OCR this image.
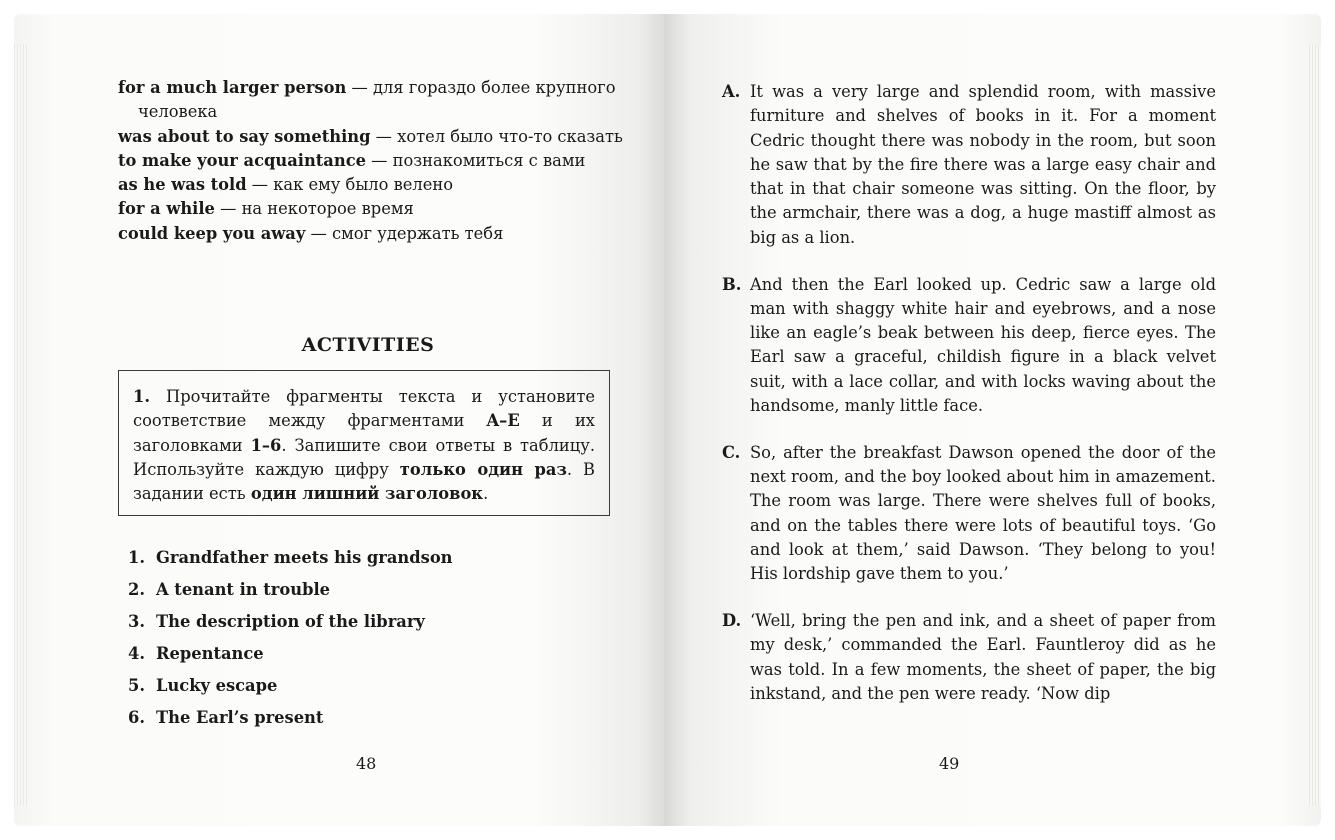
for a much larger person — для гораздо более крупного человека
was about to say something — хотел было что-то сказать
to make your acquaintance — познакомиться с вами
as he was told — как ему было велено
for a while — на некоторое время
could keep you away — смог удержать тебя
ACTIVITIES
1. Прочитайте фрагменты текста и установите соответствие между фрагментами A–E и их заголовками 1–6. Запишите свои ответы в таблицу. Используйте каждую цифру только один раз. В задании есть один лишний заголовок.
1. Grandfather meets his grandson
2. A tenant in trouble
3. The description of the library
4. Repentance
5. Lucky escape
6. The Earl’s present
48
A. It was a very large and splendid room, with massive furniture and shelves of books in it. For a moment Cedric thought there was nobody in the room, but soon he saw that by the fire there was a large easy chair and that in that chair someone was sitting. On the floor, by the armchair, there was a dog, a huge mastiff almost as big as a lion.
B. And then the Earl looked up. Cedric saw a large old man with shaggy white hair and eyebrows, and a nose like an eagle’s beak between his deep, fierce eyes. The Earl saw a graceful, childish figure in a black velvet suit, with a lace collar, and with locks waving about the handsome, manly little face.
C. So, after the breakfast Dawson opened the door of the next room, and the boy looked about him in amazement. The room was large. There were shelves full of books, and on the tables there were lots of beautiful toys. ‘Go and look at them,’ said Dawson. ‘They belong to you! His lordship gave them to you.’
D. ‘Well, bring the pen and ink, and a sheet of paper from my desk,’ commanded the Earl. Fauntleroy did as he was told. In a few moments, the sheet of paper, the big inkstand, and the pen were ready. ‘Now dip
49
